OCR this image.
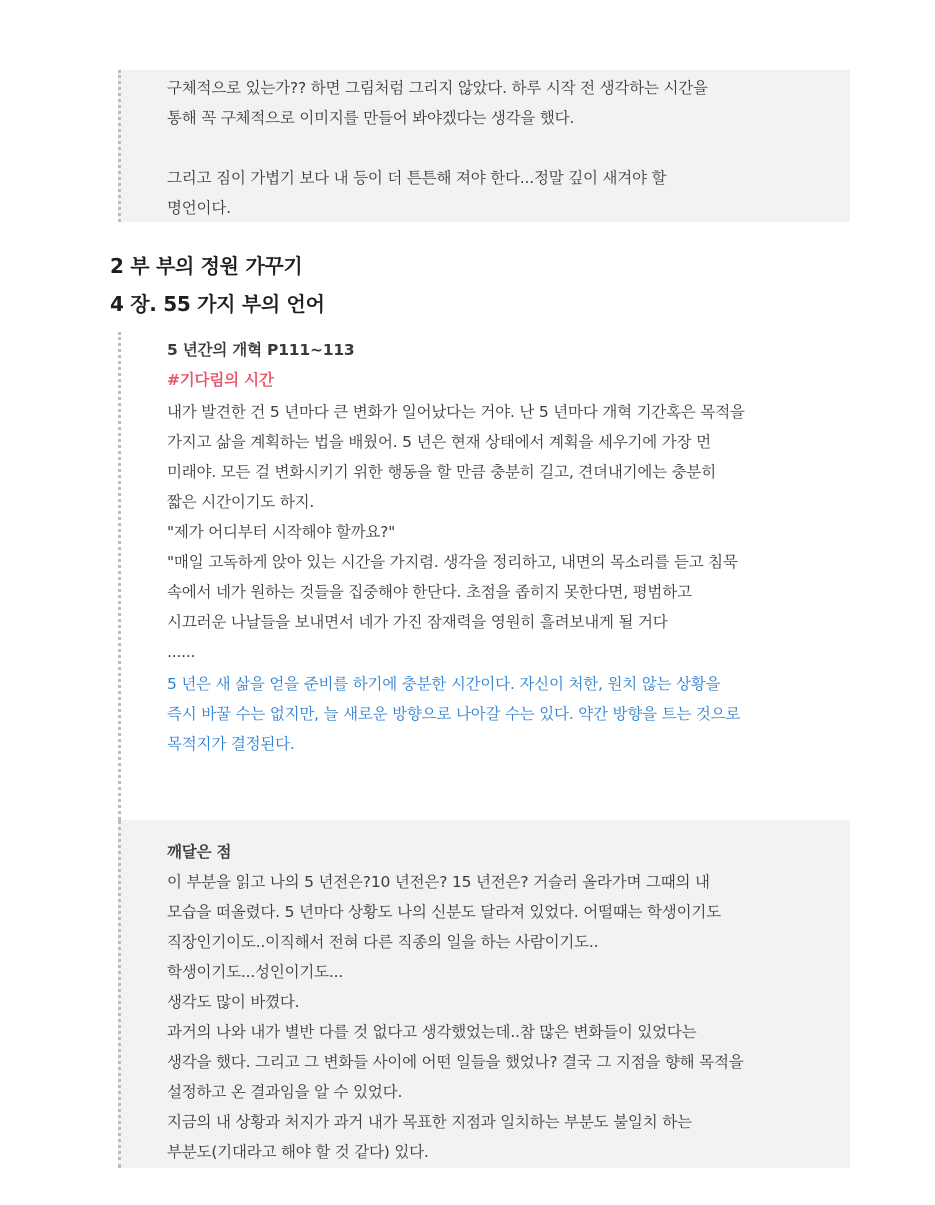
구체적으로 있는가?? 하면 그림처럼 그리지 않았다. 하루 시작 전 생각하는 시간을
통해 꼭 구체적으로 이미지를 만들어 봐야겠다는 생각을 했다.
그리고 짐이 가볍기 보다 내 등이 더 튼튼해 져야 한다...정말 깊이 새겨야 할
명언이다.
2 부 부의 정원 가꾸기
4 장. 55 가지 부의 언어
5 년간의 개혁 P111~113
#기다림의 시간
내가 발견한 건 5 년마다 큰 변화가 일어났다는 거야. 난 5 년마다 개혁 기간혹은 목적을
가지고 삶을 계획하는 법을 배웠어. 5 년은 현재 상태에서 계획을 세우기에 가장 먼
미래야. 모든 걸 변화시키기 위한 행동을 할 만큼 충분히 길고, 견뎌내기에는 충분히
짧은 시간이기도 하지.
"제가 어디부터 시작해야 할까요?"
"매일 고독하게 앉아 있는 시간을 가지렴. 생각을 정리하고, 내면의 목소리를 듣고 침묵
속에서 네가 원하는 것들을 집중해야 한단다. 초점을 좁히지 못한다면, 평범하고
시끄러운 나날들을 보내면서 네가 가진 잠재력을 영원히 흘려보내게 될 거다
......
5 년은 새 삶을 얻을 준비를 하기에 충분한 시간이다. 자신이 처한, 원치 않는 상황을
즉시 바꿀 수는 없지만, 늘 새로운 방향으로 나아갈 수는 있다. 약간 방향을 트는 것으로
목적지가 결정된다.
깨달은 점
이 부분을 읽고 나의 5 년전은?10 년전은? 15 년전은? 거슬러 올라가며 그때의 내
모습을 떠올렸다. 5 년마다 상황도 나의 신분도 달라져 있었다. 어떨때는 학생이기도
직장인기이도..이직해서 전혀 다른 직종의 일을 하는 사람이기도..
학생이기도...성인이기도...
생각도 많이 바꼈다.
과거의 나와 내가 별반 다를 것 없다고 생각했었는데..참 많은 변화들이 있었다는
생각을 했다. 그리고 그 변화들 사이에 어떤 일들을 했었나? 결국 그 지점을 향해 목적을
설정하고 온 결과임을 알 수 있었다.
지금의 내 상황과 처지가 과거 내가 목표한 지점과 일치하는 부분도 불일치 하는
부분도(기대라고 해야 할 것 같다) 있다.
